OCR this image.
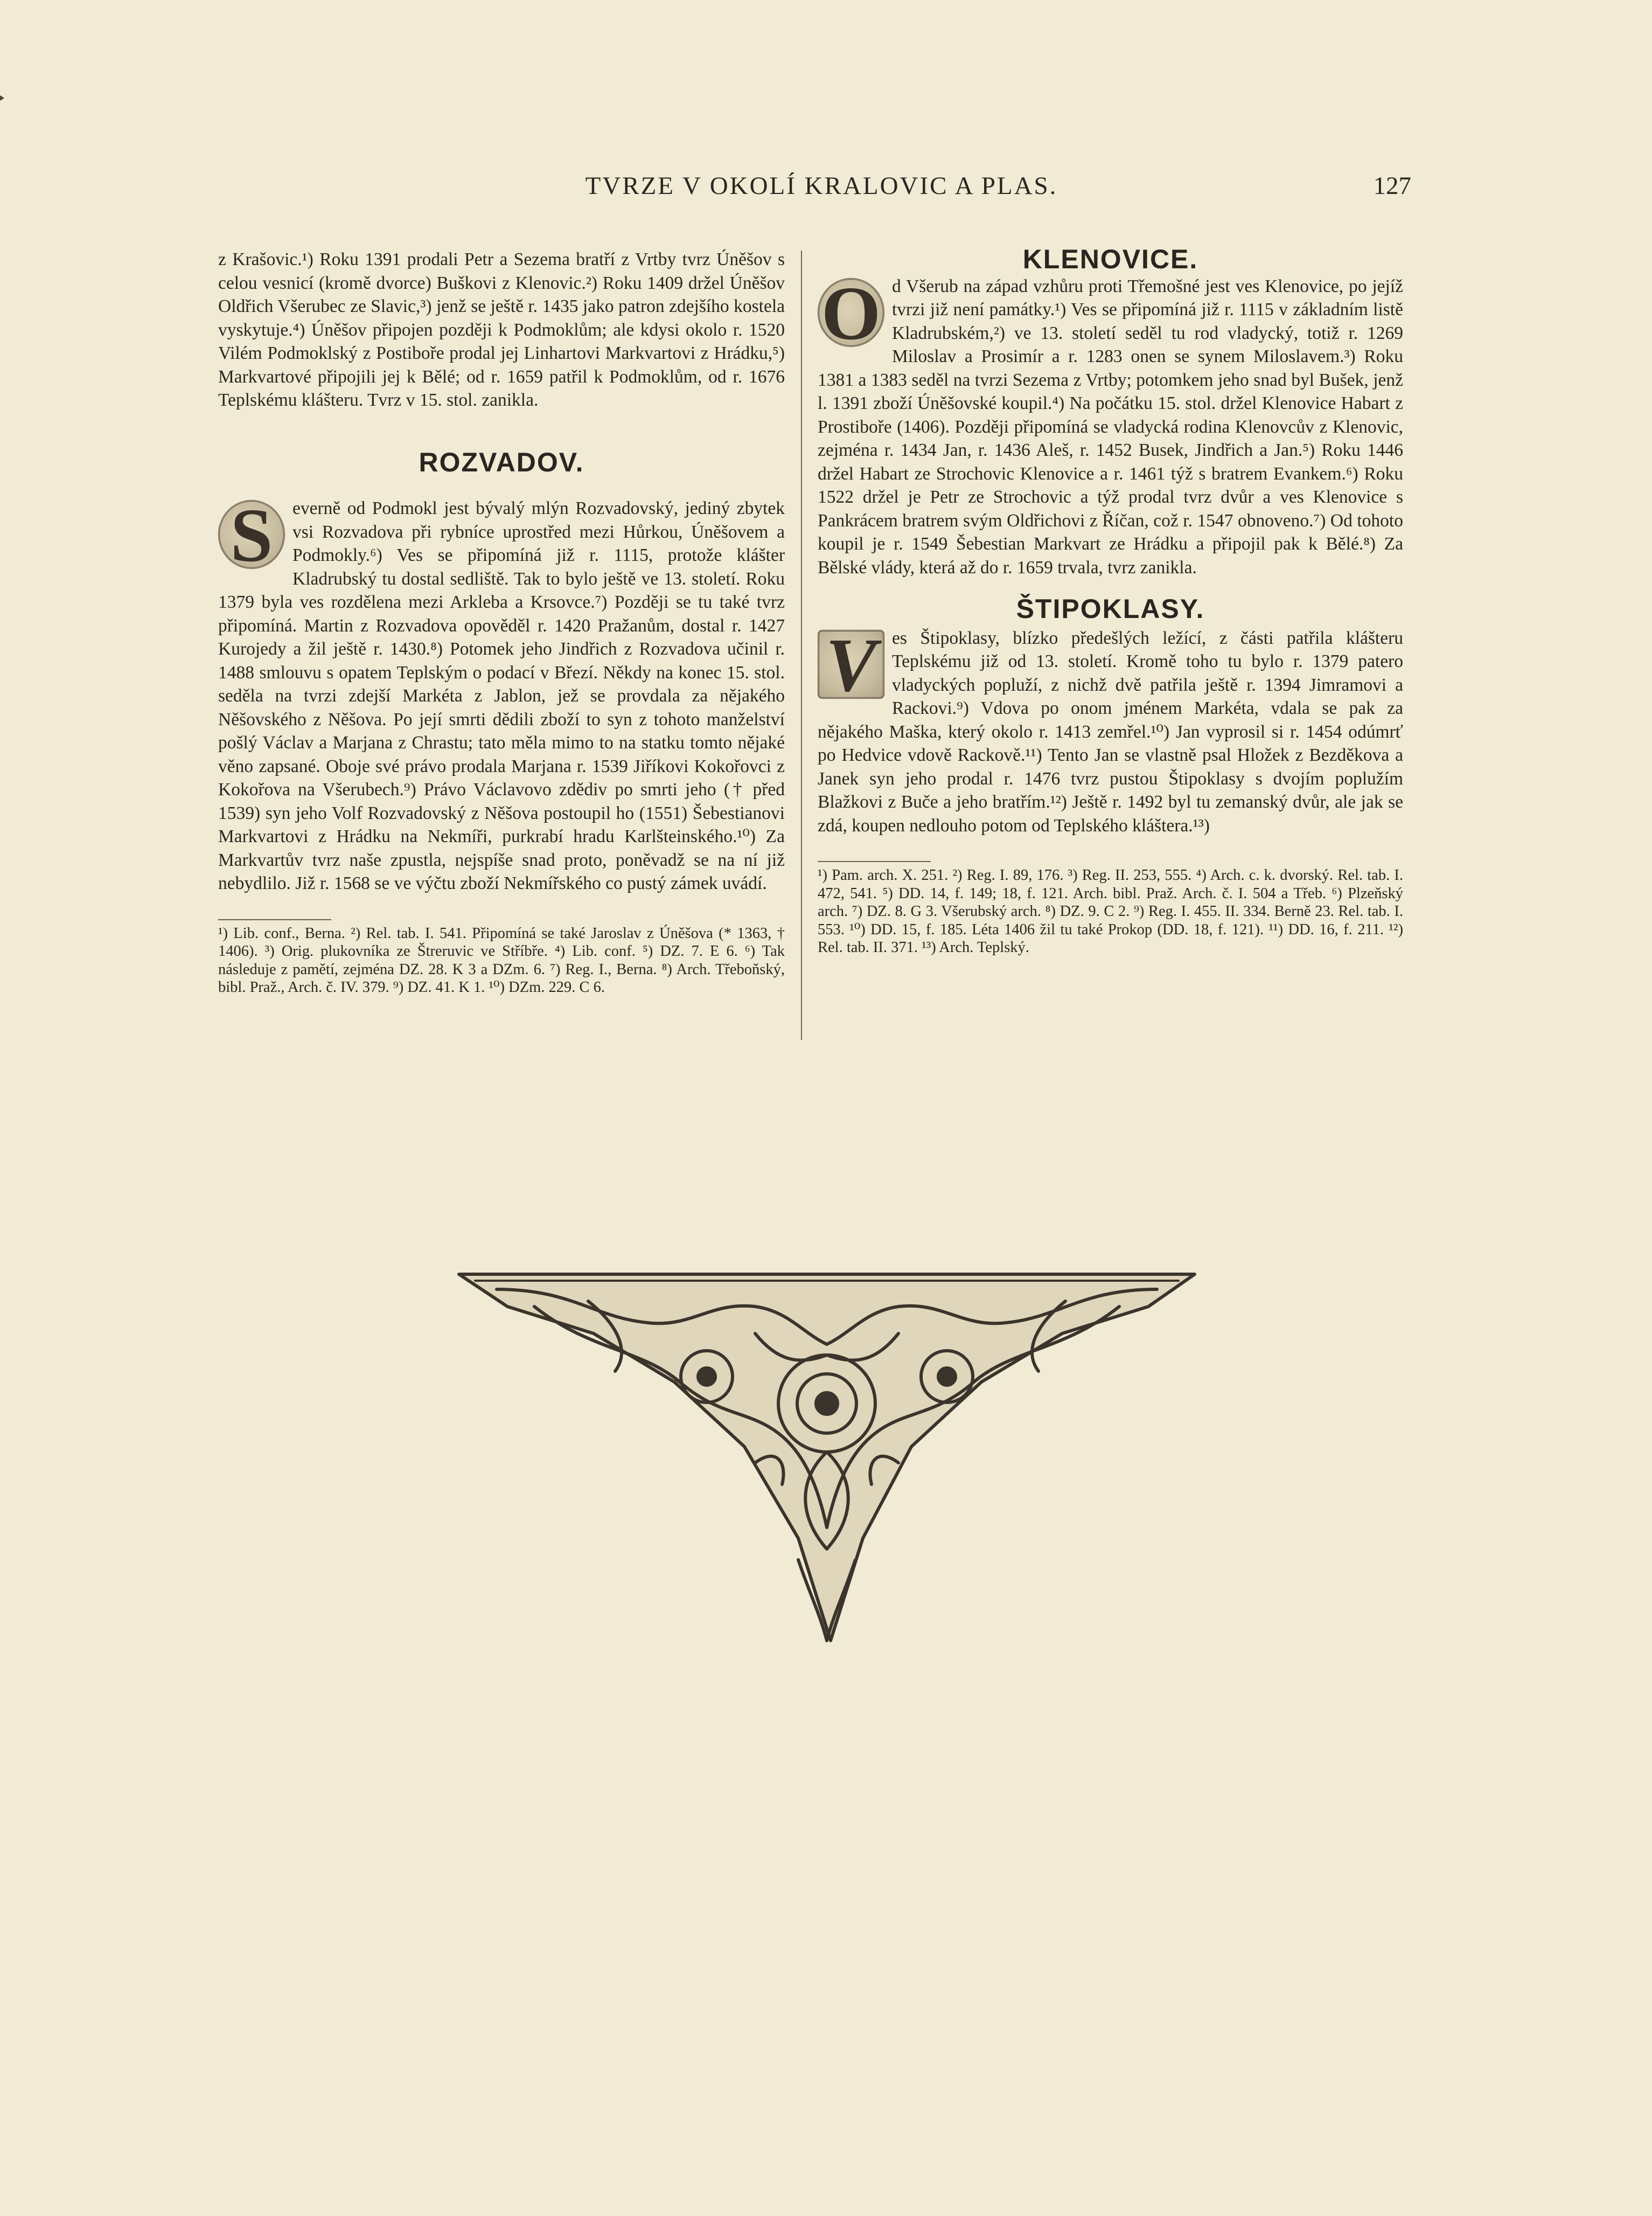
TVRZE V OKOLÍ KRALOVIC A PLAS.	127

z Krašovic.¹) Roku 1391 prodali Petr a Sezema bratří z Vrtby tvrz Úněšov s celou vesnicí (kromě dvorce) Buškovi z Klenovic.²) Roku 1409 držel Úněšov Oldřich Všerubec ze Slavic,³) jenž se ještě r. 1435 jako patron zdejšího kostela vyskytuje.⁴) Úněšov připojen později k Podmoklům; ale kdysi okolo r. 1520 Vilém Podmoklský z Postiboře prodal jej Linhartovi Markvartovi z Hrádku,⁵) Markvartové připojili jej k Bělé; od r. 1659 patřil k Podmoklům, od r. 1676 Teplskému klášteru. Tvrz v 15. stol. zanikla.

ROZVADOV.
S	everně od Podmokl jest bývalý mlýn Rozvadovský, jediný zbytek vsi Rozvadova při rybníce uprostřed mezi Hůrkou, Úněšovem a Podmokly.⁶) Ves se připomíná již r. 1115, protože klášter Kladrubský tu dostal sedliště. Tak to bylo ještě ve 13. století. Roku 1379 byla ves rozdělena mezi Arkleba a Krsovce.⁷) Později se tu také tvrz připomíná. Martin z Rozvadova opověděl r. 1420 Pražanům, dostal r. 1427 Kurojedy a žil ještě r. 1430.⁸) Potomek jeho Jindřich z Rozvadova učinil r. 1488 smlouvu s opatem Teplským o podací v Březí. Někdy na konec 15. stol. seděla na tvrzi zdejší Markéta z Jablon, jež se provdala za nějakého Něšovského z Něšova. Po její smrti dědili zboží to syn z tohoto manželství pošlý Václav a Marjana z Chrastu; tato měla mimo to na statku tomto nějaké věno zapsané. Oboje své právo prodala Marjana r. 1539 Jiříkovi Kokořovci z Kokořova na Všerubech.⁹) Právo Václavovo zdědiv po smrti jeho († před 1539) syn jeho Volf Rozvadovský z Něšova postoupil ho (1551) Šebestianovi Markvartovi z Hrádku na Nekmíři, purkrabí hradu Karlšteinského.¹⁰) Za Markvartův tvrz naše zpustla, nejspíše snad proto, poněvadž se na ní již nebydlilo. Již r. 1568 se ve výčtu zboží Nekmířského co pustý zámek uvádí.

¹) Lib. conf., Berna. ²) Rel. tab. I. 541. Připomíná se také Jaroslav z Úněšova (* 1363, † 1406). ³) Orig. plukovníka ze Štreruvic ve Stříbře. ⁴) Lib. conf. ⁵) DZ. 7. E 6. ⁶) Tak následuje z pamětí, zejména DZ. 28. K 3 a DZm. 6. ⁷) Reg. I., Berna. ⁸) Arch. Třeboňský, bibl. Praž., Arch. č. IV. 379. ⁹) DZ. 41. K 1. ¹⁰) DZm. 229. C 6.
KLENOVICE.
O d Všerub na západ vzhůru proti Třemošné jest ves Klenovice, po jejíž tvrzi již není památky.¹) Ves se připomíná již r. 1115 v základním listě Kladrubském,²) ve 13. století seděl tu rod vladycký, totiž r. 1269 Miloslav a Prosimír a r. 1283 onen se synem Miloslavem.³) Roku 1381 a 1383 seděl na tvrzi Sezema z Vrtby; potomkem jeho snad byl Bušek, jenž l. 1391 zboží Úněšovské koupil.⁴) Na počátku 15. stol. držel Klenovice Habart z Prostiboře (1406). Později připomíná se vladycká rodina Klenovcův z Klenovic, zejména r. 1434 Jan, r. 1436 Aleš, r. 1452 Busek, Jindřich a Jan.⁵) Roku 1446 držel Habart ze Strochovic Klenovice a r. 1461 týž s bratrem Evankem.⁶) Roku 1522 držel je Petr ze Strochovic a týž prodal tvrz dvůr a ves Klenovice s Pankrácem bratrem svým Oldřichovi z Říčan, což r. 1547 obnoveno.⁷) Od tohoto koupil je r. 1549 Šebestian Markvart ze Hrádku a připojil pak k Bělé.⁸) Za Bělské vlády, která až do r. 1659 trvala, tvrz zanikla.

ŠTIPOKLASY.
V es Štipoklasy, blízko předešlých ležící, z části patřila klášteru Teplskému již od 13. století. Kromě toho tu bylo r. 1379 patero vladyckých popluží, z nichž dvě patřila ještě r. 1394 Jimramovi a Rackovi.⁹) Vdova po onom jménem Markéta, vdala se pak za nějakého Maška, který okolo r. 1413 zemřel.¹⁰) Jan vyprosil si r. 1454 odúmrť po Hedvice vdově Rackově.¹¹) Tento Jan se vlastně psal Hložek z Bezděkova a Janek syn jeho prodal r. 1476 tvrz pustou Štipoklasy s dvojím poplužím Blažkovi z Buče a jeho bratřím.¹²) Ještě r. 1492 byl tu zemanský dvůr, ale jak se zdá, koupen nedlouho potom od Teplského kláštera.¹³)

¹) Pam. arch. X. 251. ²) Reg. I. 89, 176. ³) Reg. II. 253, 555. ⁴) Arch. c. k. dvorský. Rel. tab. I. 472, 541. ⁵) DD. 14, f. 149; 18, f. 121. Arch. bibl. Praž. Arch. č. I. 504 a Třeb. ⁶) Plzeňský arch. ⁷) DZ. 8. G 3. Všerubský arch. ⁸) DZ. 9. C 2. ⁹) Reg. I. 455. II. 334. Berně 23. Rel. tab. I. 553. ¹⁰) DD. 15, f. 185. Léta 1406 žil tu také Prokop (DD. 18, f. 121). ¹¹) DD. 16, f. 211. ¹²) Rel. tab. II. 371. ¹³) Arch. Teplský.
